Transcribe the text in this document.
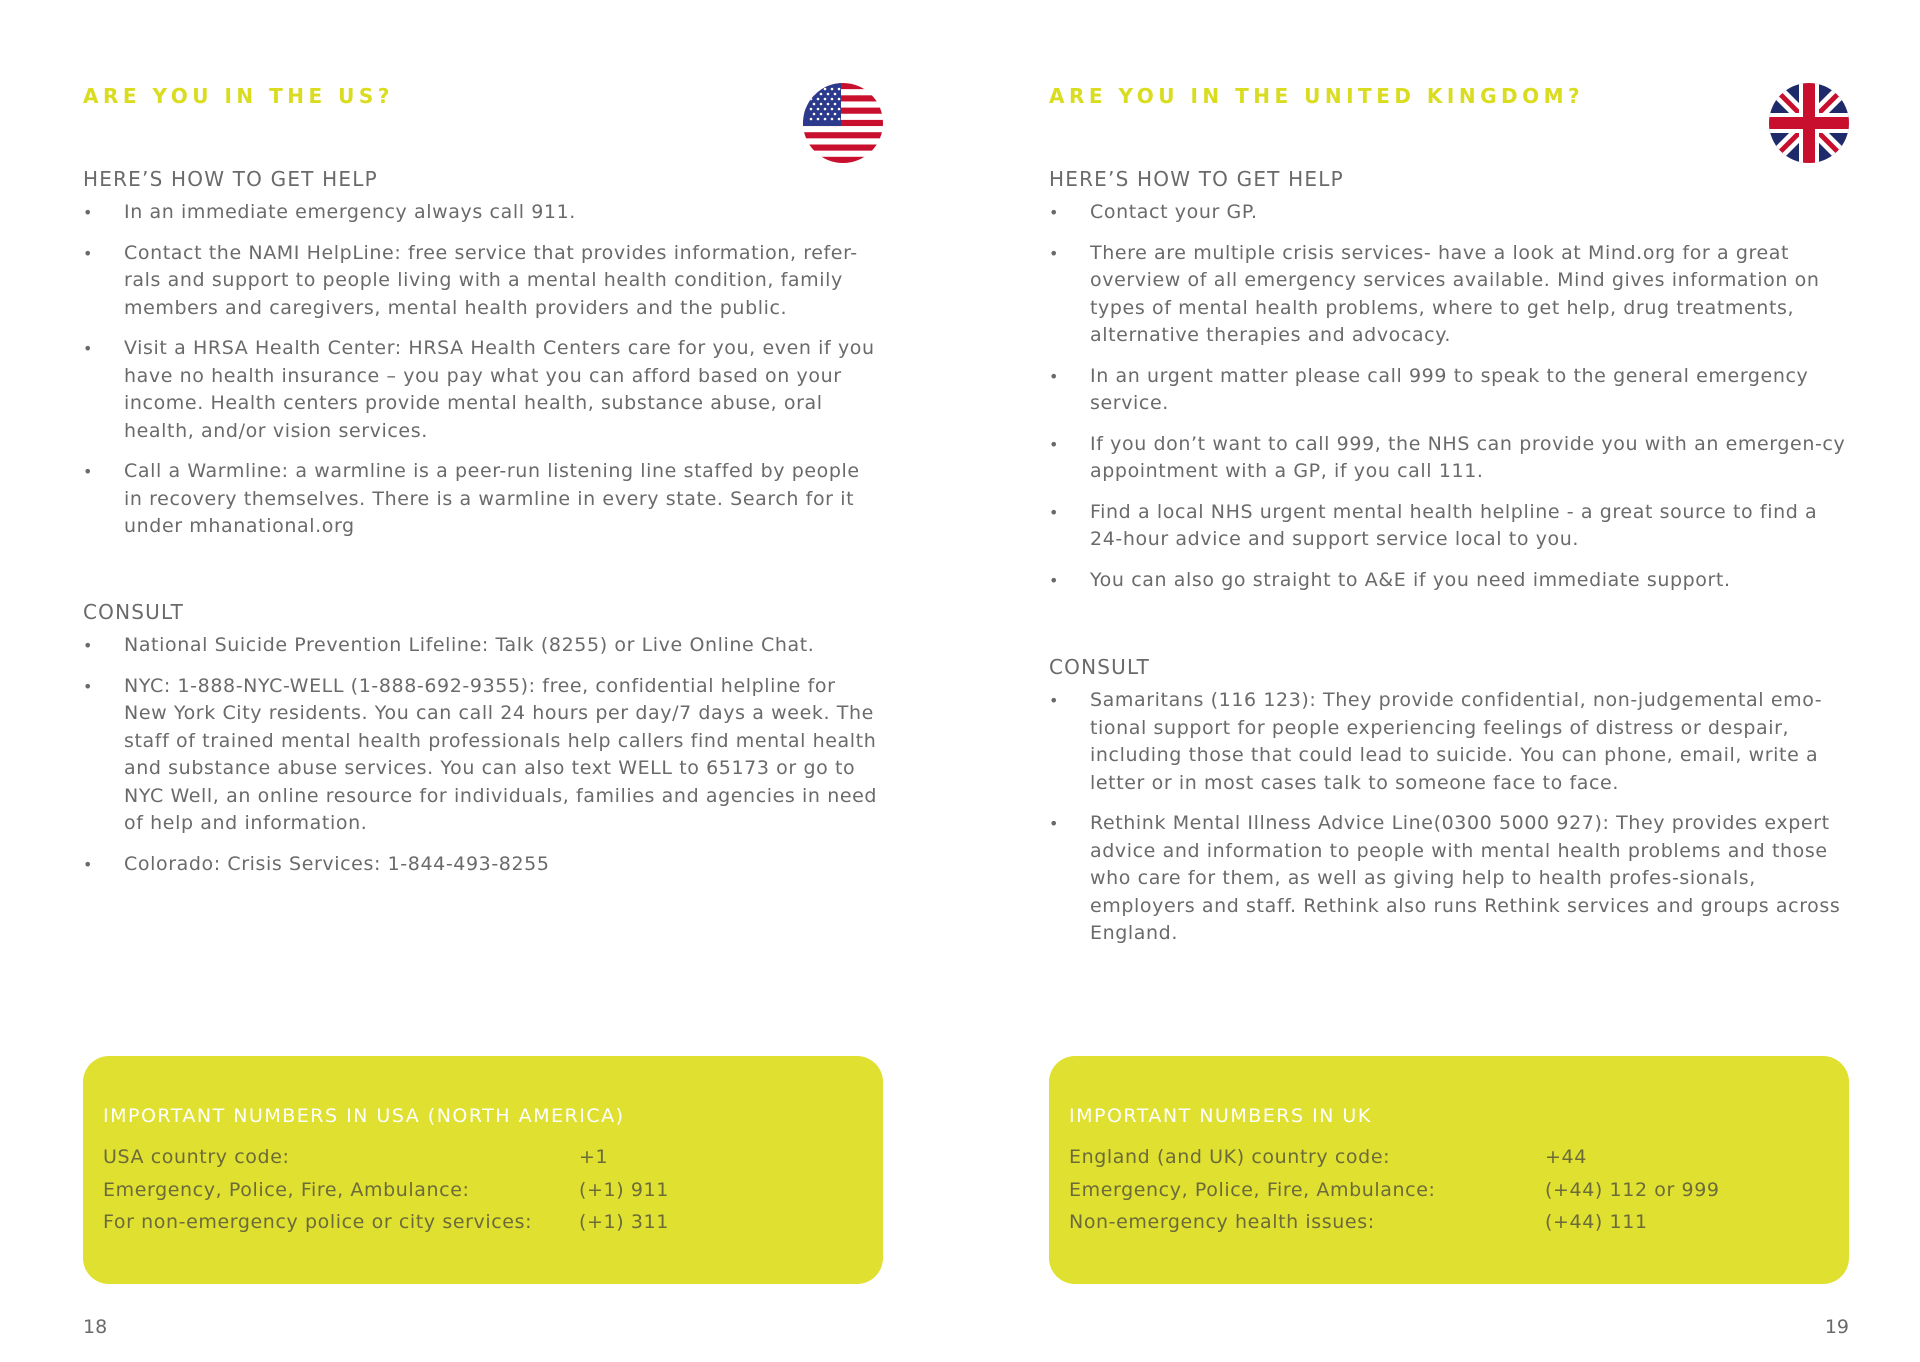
ARE YOU IN THE US?
HERE’S HOW TO GET HELP
• In an immediate emergency always call 911.
• Contact the NAMI HelpLine: free service that provides information, refer-rals and support to people living with a mental health condition, family members and caregivers, mental health providers and the public.
• Visit a HRSA Health Center: HRSA Health Centers care for you, even if you have no health insurance – you pay what you can afford based on your income. Health centers provide mental health, substance abuse, oral health, and/or vision services.
• Call a Warmline: a warmline is a peer-run listening line staffed by people in recovery themselves. There is a warmline in every state. Search for it under mhanational.org
CONSULT
• National Suicide Prevention Lifeline: Talk (8255) or Live Online Chat.
• NYC: 1-888-NYC-WELL (1-888-692-9355): free, confidential helpline for New York City residents. You can call 24 hours per day/7 days a week. The staff of trained mental health professionals help callers find mental health and substance abuse services. You can also text WELL to 65173 or go to NYC Well, an online resource for individuals, families and agencies in need of help and information.
• Colorado: Crisis Services: 1-844-493-8255
IMPORTANT NUMBERS IN USA (NORTH AMERICA)
USA country code:	+1
Emergency, Police, Fire, Ambulance:	(+1) 911
For non-emergency police or city services: (+1) 311
18
ARE YOU IN THE UNITED KINGDOM?
HERE’S HOW TO GET HELP
• Contact your GP.
• There are multiple crisis services- have a look at Mind.org for a great overview of all emergency services available. Mind gives information on types of mental health problems, where to get help, drug treatments, alternative therapies and advocacy.
• In an urgent matter please call 999 to speak to the general emergency service.
• If you don’t want to call 999, the NHS can provide you with an emergen-cy appointment with a GP, if you call 111.
• Find a local NHS urgent mental health helpline - a great source to find a 24-hour advice and support service local to you.
• You can also go straight to A&E if you need immediate support.
CONSULT
• Samaritans (116 123): They provide confidential, non-judgemental emo-tional support for people experiencing feelings of distress or despair, including those that could lead to suicide. You can phone, email, write a letter or in most cases talk to someone face to face.
• Rethink Mental Illness Advice Line(0300 5000 927): They provides expert advice and information to people with mental health problems and those who care for them, as well as giving help to health profes-sionals, employers and staff. Rethink also runs Rethink services and groups across England.
IMPORTANT NUMBERS IN UK
England (and UK) country code:	+44
Emergency, Police, Fire, Ambulance:	(+44) 112 or 999
Non-emergency health issues:	(+44) 111
19
